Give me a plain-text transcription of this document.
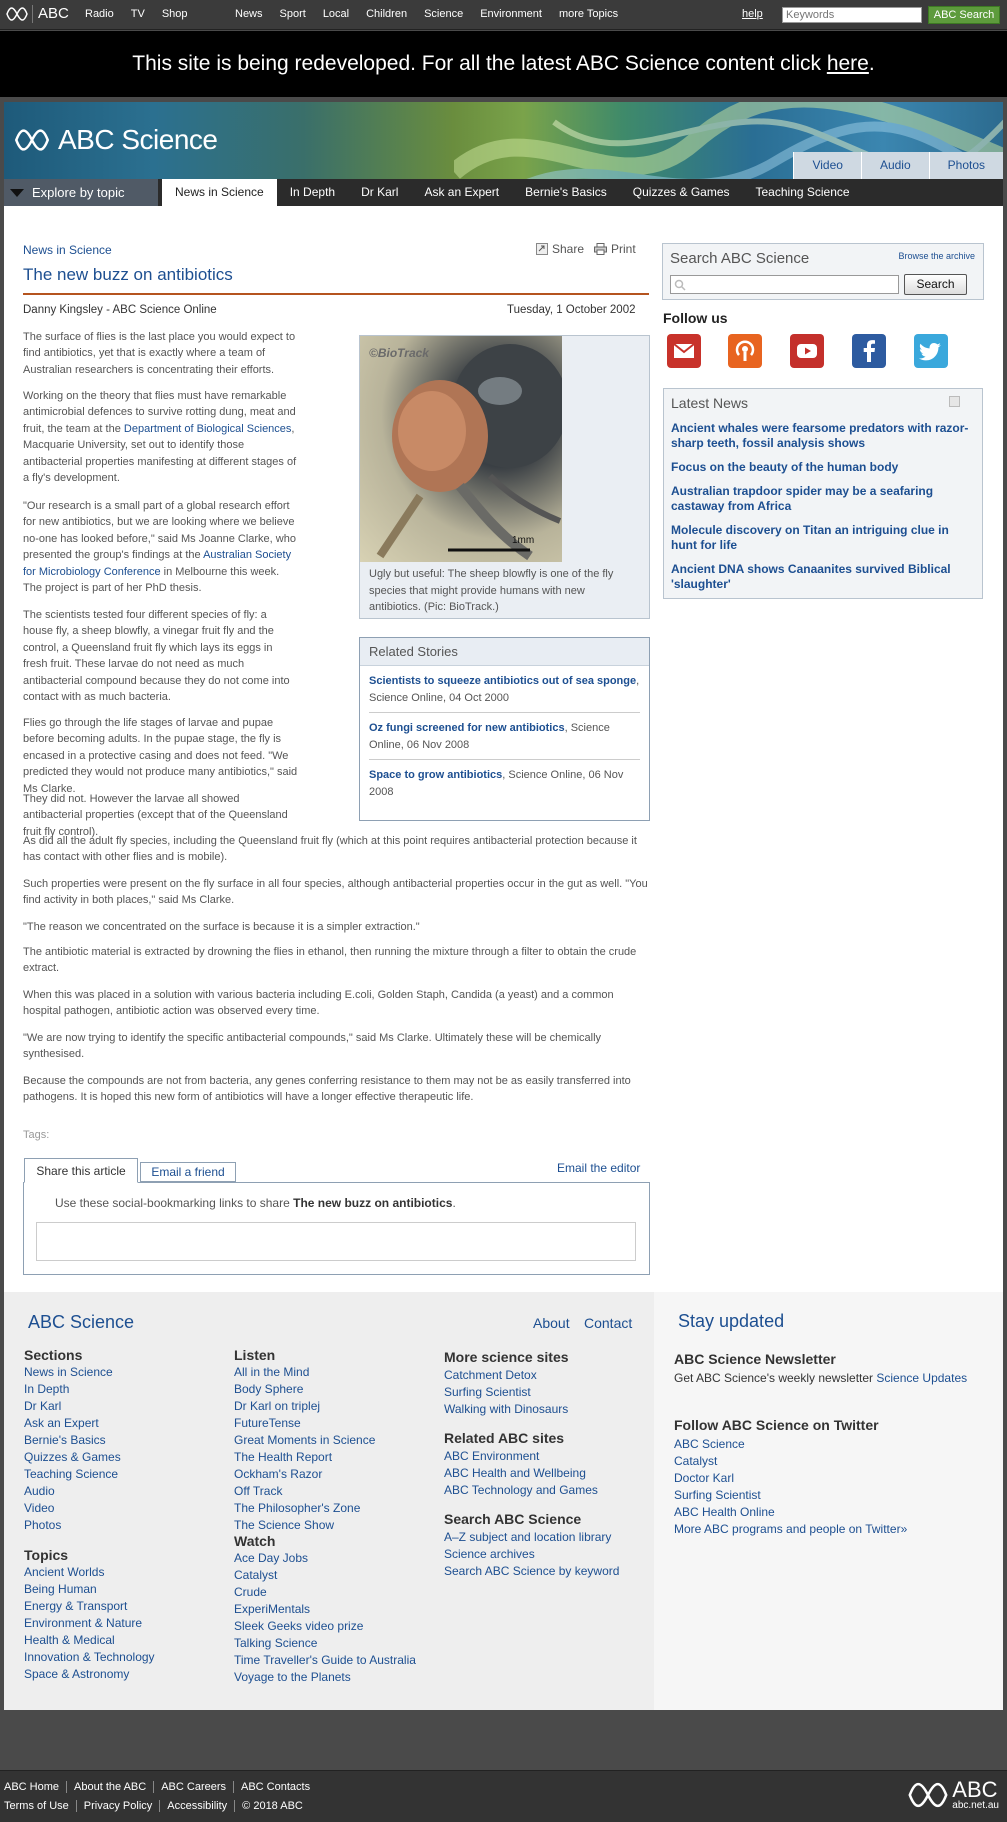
ABC Radio TV Shop	News Sport Local Children Science Environment more Topics	help
Keywords	ABC Search
This site is being redeveloped. For all the latest ABC Science content click here.
ABC Science
Video	Audio	Photos
Explore by topic	News in Science	In Depth	Dr Karl	Ask an Expert	Bernie's Basics	Quizzes & Games	Teaching Science
News in Science	Share Print
The new buzz on antibiotics
Danny Kingsley - ABC Science Online	Tuesday, 1 October 2002

The surface of flies is the last place you would expect to find antibiotics, yet that is exactly where a team of Australian researchers is concentrating their efforts.

Working on the theory that flies must have remarkable antimicrobial defences to survive rotting dung, meat and fruit, the team at the Department of Biological Sciences, Macquarie University, set out to identify those antibacterial properties manifesting at different stages of a fly's development.

"Our research is a small part of a global research effort for new antibiotics, but we are looking where we believe no-one has looked before," said Ms Joanne Clarke, who presented the group's findings at the Australian Society for Microbiology Conference in Melbourne this week. The project is part of her PhD thesis.

The scientists tested four different species of fly: a house fly, a sheep blowfly, a vinegar fruit fly and the control, a Queensland fruit fly which lays its eggs in fresh fruit. These larvae do not need as much antibacterial compound because they do not come into contact with as much bacteria.

Flies go through the life stages of larvae and pupae before becoming adults. In the pupae stage, the fly is encased in a protective casing and does not feed. "We predicted they would not produce many antibiotics," said Ms Clarke.

They did not. However the larvae all showed antibacterial properties (except that of the Queensland fruit fly control).

As did all the adult fly species, including the Queensland fruit fly (which at this point requires antibacterial protection because it has contact with other flies and is mobile).

Such properties were present on the fly surface in all four species, although antibacterial properties occur in the gut as well. "You find activity in both places," said Ms Clarke.

"The reason we concentrated on the surface is because it is a simpler extraction."

The antibiotic material is extracted by drowning the flies in ethanol, then running the mixture through a filter to obtain the crude extract.

When this was placed in a solution with various bacteria including E.coli, Golden Staph, Candida (a yeast) and a common hospital pathogen, antibiotic action was observed every time.

"We are now trying to identify the specific antibacterial compounds," said Ms Clarke. Ultimately these will be chemically synthesised.

Because the compounds are not from bacteria, any genes conferring resistance to them may not be as easily transferred into pathogens. It is hoped this new form of antibiotics will have a longer effective therapeutic life.

©BioTrack
1mm
Ugly but useful: The sheep blowfly is one of the fly species that might provide humans with new antibiotics. (Pic: BioTrack.)
Related Stories
Scientists to squeeze antibiotics out of sea sponge, Science Online, 04 Oct 2000
Oz fungi screened for new antibiotics, Science Online, 06 Nov 2008
Space to grow antibiotics, Science Online, 06 Nov 2008
Tags:
Share this article	Email a friend	Email the editor
Use these social-bookmarking links to share The new buzz on antibiotics.
Search ABC Science	Browse the archive
Search
Follow us
Latest News
Ancient whales were fearsome predators with razor-sharp teeth, fossil analysis shows
Focus on the beauty of the human body
Australian trapdoor spider may be a seafaring castaway from Africa
Molecule discovery on Titan an intriguing clue in hunt for life
Ancient DNA shows Canaanites survived Biblical 'slaughter'
ABC Science	About Contact
Sections
News in Science
In Depth
Dr Karl
Ask an Expert
Bernie's Basics
Quizzes & Games
Teaching Science
Audio
Video
Photos
Topics
Ancient Worlds
Being Human
Energy & Transport
Environment & Nature
Health & Medical
Innovation & Technology
Space & Astronomy
Listen
All in the Mind
Body Sphere
Dr Karl on triplej
FutureTense
Great Moments in Science
The Health Report
Ockham's Razor
Off Track
The Philosopher's Zone
The Science Show
Watch
Ace Day Jobs
Catalyst
Crude
ExperiMentals
Sleek Geeks video prize
Talking Science
Time Traveller's Guide to Australia
Voyage to the Planets
More science sites
Catchment Detox
Surfing Scientist
Walking with Dinosaurs
Related ABC sites
ABC Environment
ABC Health and Wellbeing
ABC Technology and Games
Search ABC Science
A–Z subject and location library
Science archives
Search ABC Science by keyword
Stay updated
ABC Science Newsletter
Get ABC Science's weekly newsletter Science Updates
Follow ABC Science on Twitter
ABC Science
Catalyst
Doctor Karl
Surfing Scientist
ABC Health Online
More ABC programs and people on Twitter»
ABC Home	About the ABC	ABC Careers	ABC Contacts
Terms of Use	Privacy Policy	Accessibility	© 2018 ABC
ABC
abc.net.au
